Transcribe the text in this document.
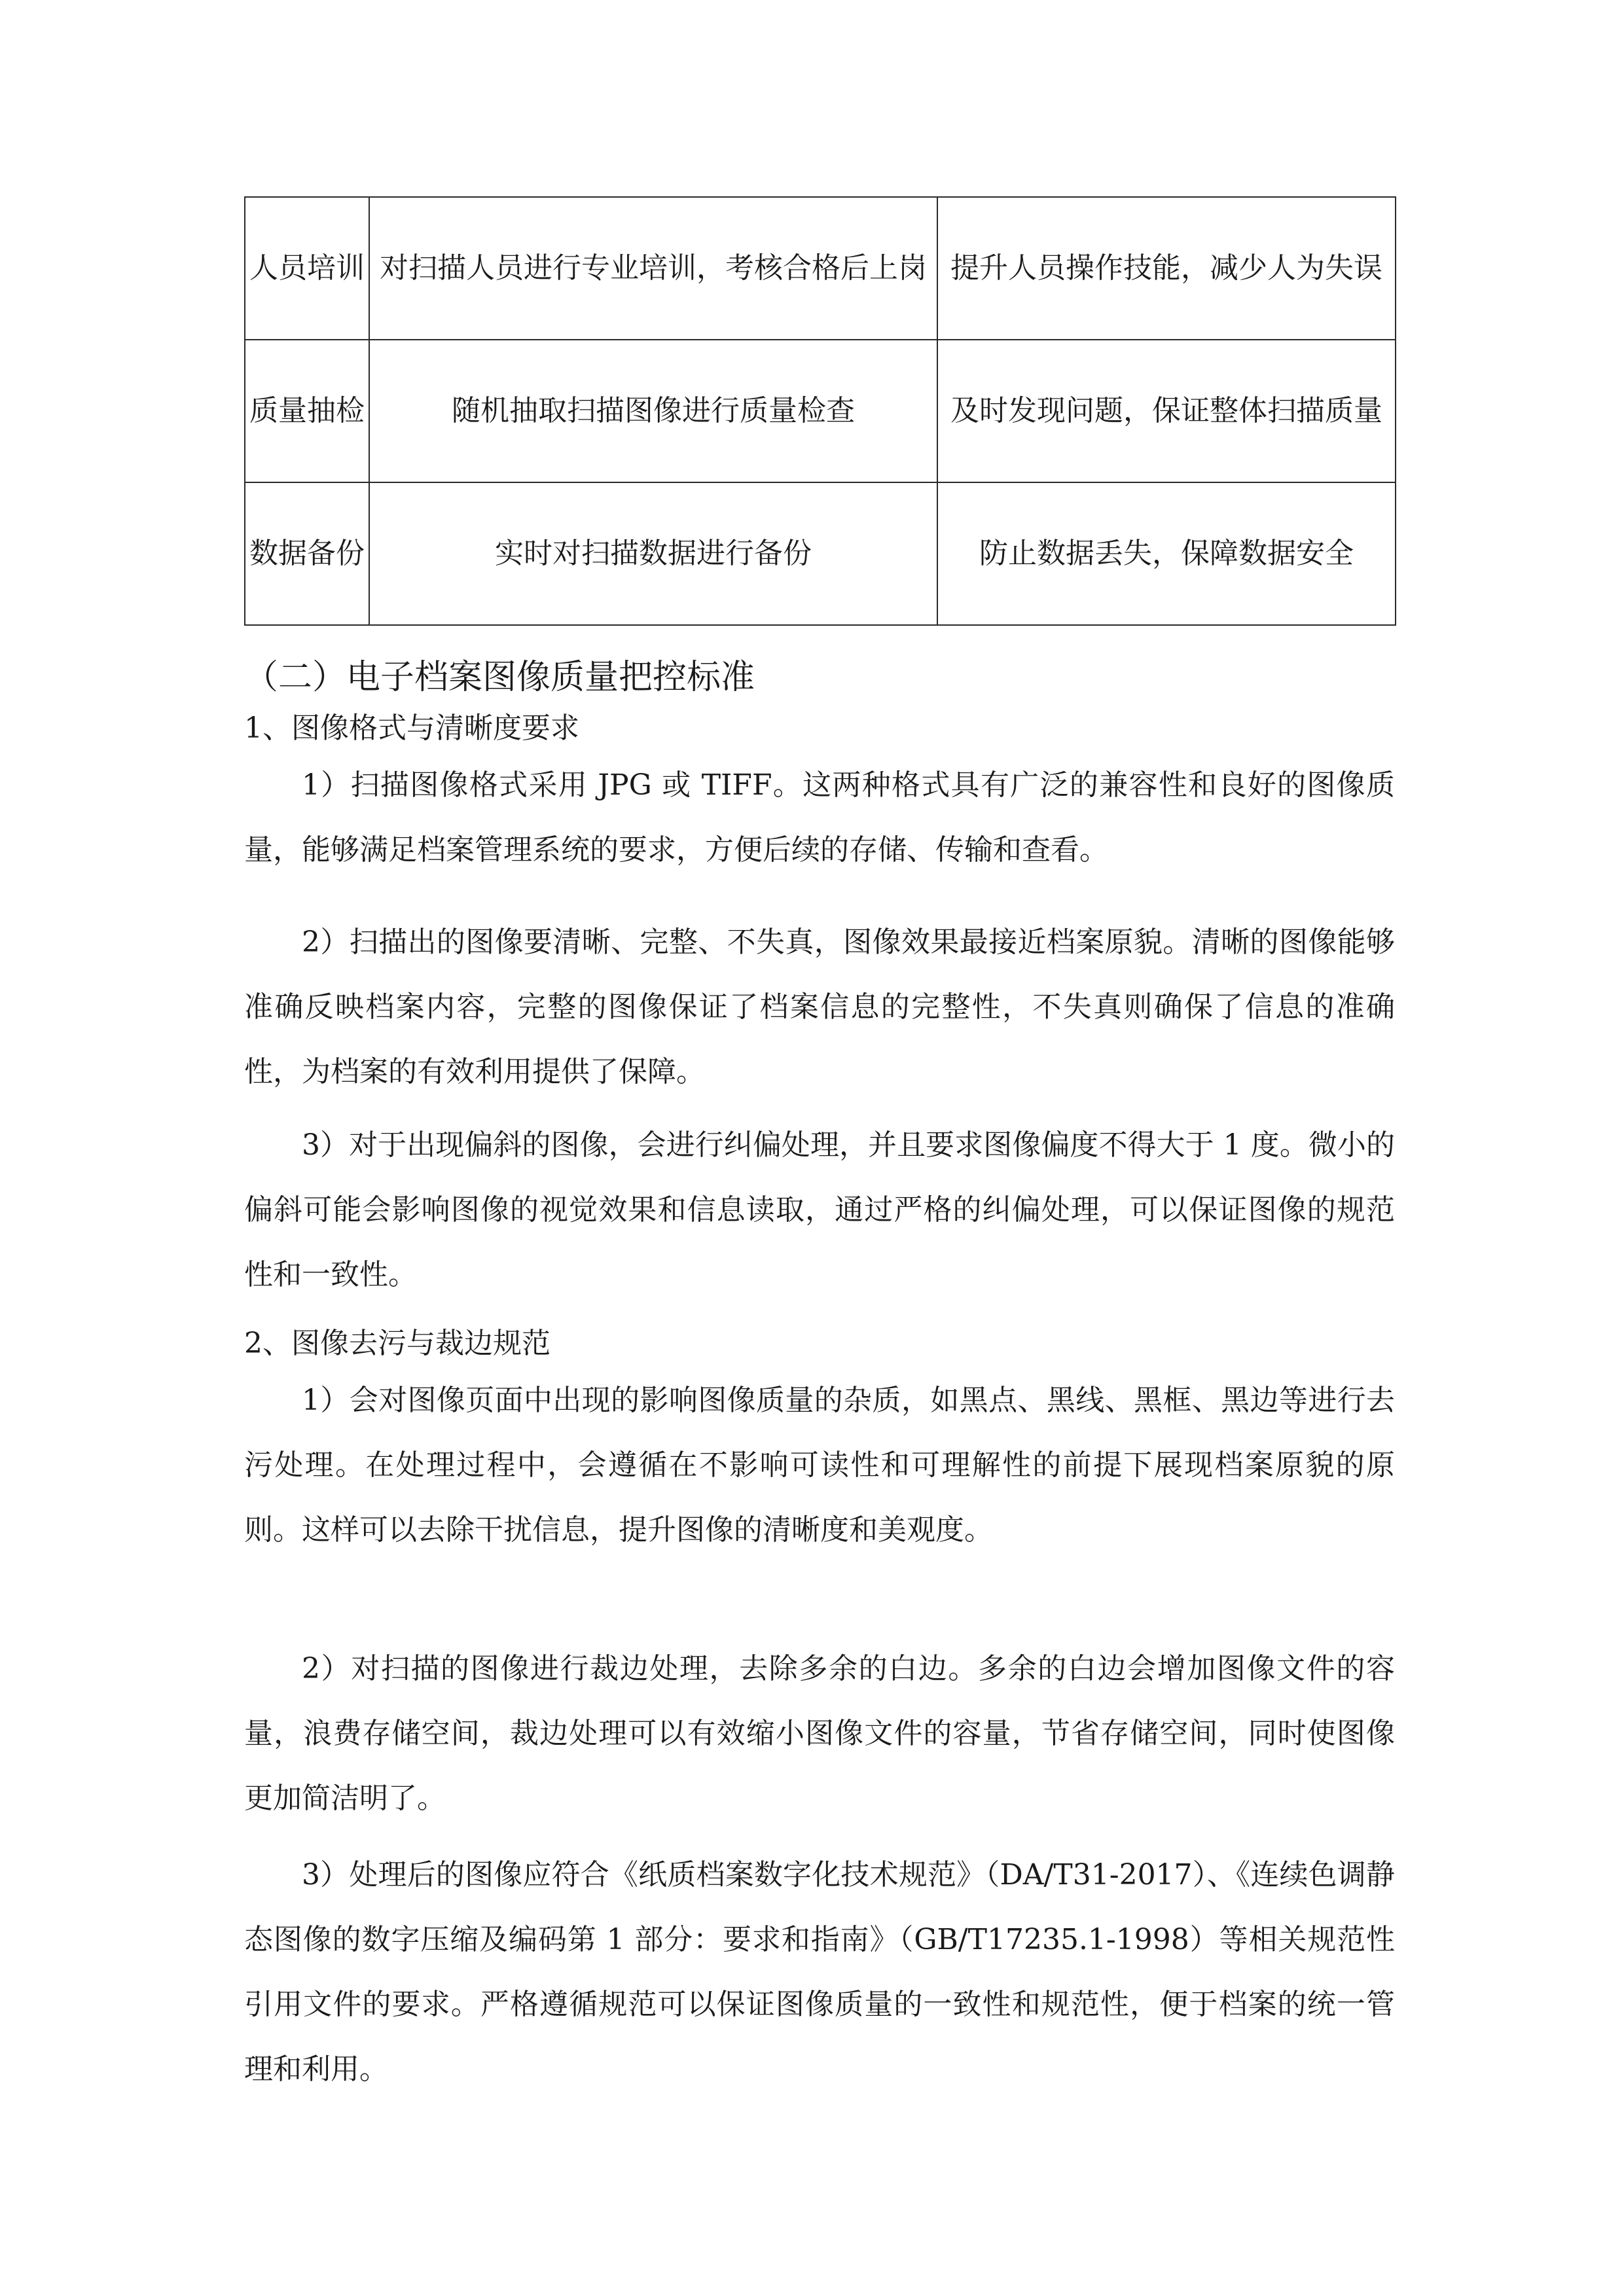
人员培训	对扫描人员进行专业培训，考核合格后上岗	提升人员操作技能，减少人为失误

质量抽检	随机抽取扫描图像进行质量检查	及时发现问题，保证整体扫描质量

数据备份	实时对扫描数据进行备份	防止数据丢失，保障数据安全
（二）电子档案图像质量把控标准
1、图像格式与清晰度要求

1）扫描图像格式采用 JPG 或 TIFF。这两种格式具有广泛的兼容性和良好的图像质量，能够满足档案管理系统的要求，方便后续的存储、传输和查看。

2）扫描出的图像要清晰、完整、不失真，图像效果最接近档案原貌。清晰的图像能够准确反映档案内容，完整的图像保证了档案信息的完整性，不失真则确保了信息的准确性，为档案的有效利用提供了保障。

3）对于出现偏斜的图像，会进行纠偏处理，并且要求图像偏度不得大于 1 度。微小的偏斜可能会影响图像的视觉效果和信息读取，通过严格的纠偏处理，可以保证图像的规范性和一致性。

2、图像去污与裁边规范

1）会对图像页面中出现的影响图像质量的杂质，如黑点、黑线、黑框、黑边等进行去污处理。在处理过程中，会遵循在不影响可读性和可理解性的前提下展现档案原貌的原则。这样可以去除干扰信息，提升图像的清晰度和美观度。

2）对扫描的图像进行裁边处理，去除多余的白边。多余的白边会增加图像文件的容量，浪费存储空间，裁边处理可以有效缩小图像文件的容量，节省存储空间，同时使图像更加简洁明了。

3）处理后的图像应符合《纸质档案数字化技术规范》（DA/T31-2017）、《连续色调静态图像的数字压缩及编码第 1 部分：要求和指南》（GB/T17235.1-1998）等相关规范性引用文件的要求。严格遵循规范可以保证图像质量的一致性和规范性，便于档案的统一管理和利用。
